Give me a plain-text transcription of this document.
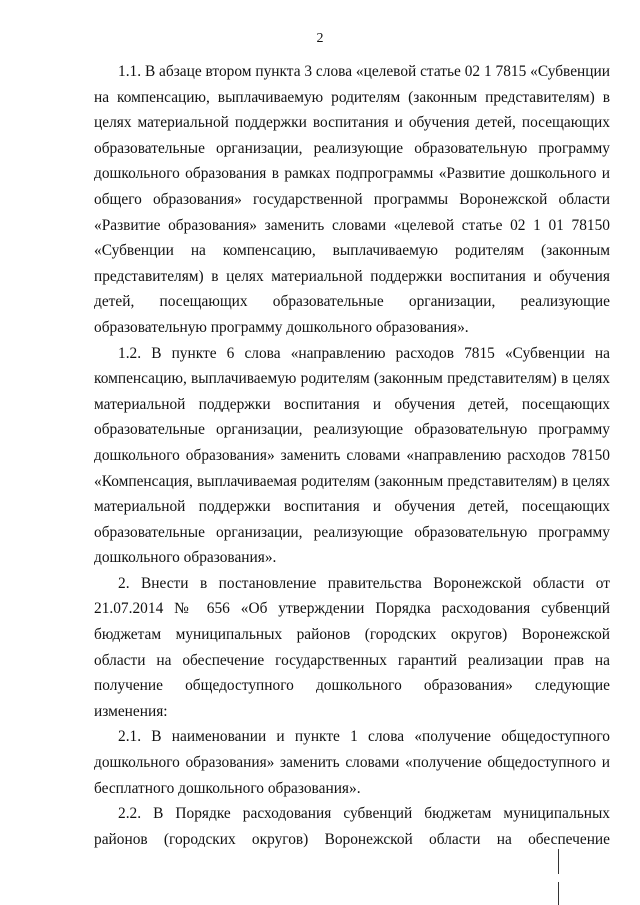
2

1.1. В абзаце втором пункта 3 слова «целевой статье 02 1 7815 «Субвенции на компенсацию, выплачиваемую родителям (законным представителям) в целях материальной поддержки воспитания и обучения детей, посещающих образовательные организации, реализующие образовательную программу дошкольного образования в рамках подпрограммы «Развитие дошкольного и общего образования» государственной программы Воронежской области «Развитие образования» заменить словами «целевой статье 02 1 01 78150 «Субвенции на компенсацию, выплачиваемую родителям (законным представителям) в целях материальной поддержки воспитания и обучения детей, посещающих образовательные организации, реализующие образовательную программу дошкольного образования».

1.2. В пункте 6 слова «направлению расходов 7815 «Субвенции на компенсацию, выплачиваемую родителям (законным представителям) в целях материальной поддержки воспитания и обучения детей, посещающих образовательные организации, реализующие образовательную программу дошкольного образования» заменить словами «направлению расходов 78150 «Компенсация, выплачиваемая родителям (законным представителям) в целях материальной поддержки воспитания и обучения детей, посещающих образовательные организации, реализующие образовательную программу дошкольного образования».

2. Внести в постановление правительства Воронежской области от 21.07.2014 № 656 «Об утверждении Порядка расходования субвенций бюджетам муниципальных районов (городских округов) Воронежской области на обеспечение государственных гарантий реализации прав на получение общедоступного дошкольного образования» следующие изменения:

2.1. В наименовании и пункте 1 слова «получение общедоступного дошкольного образования» заменить словами «получение общедоступного и бесплатного дошкольного образования».

2.2. В Порядке расходования субвенций бюджетам муниципальных районов (городских округов) Воронежской области на обеспечение
